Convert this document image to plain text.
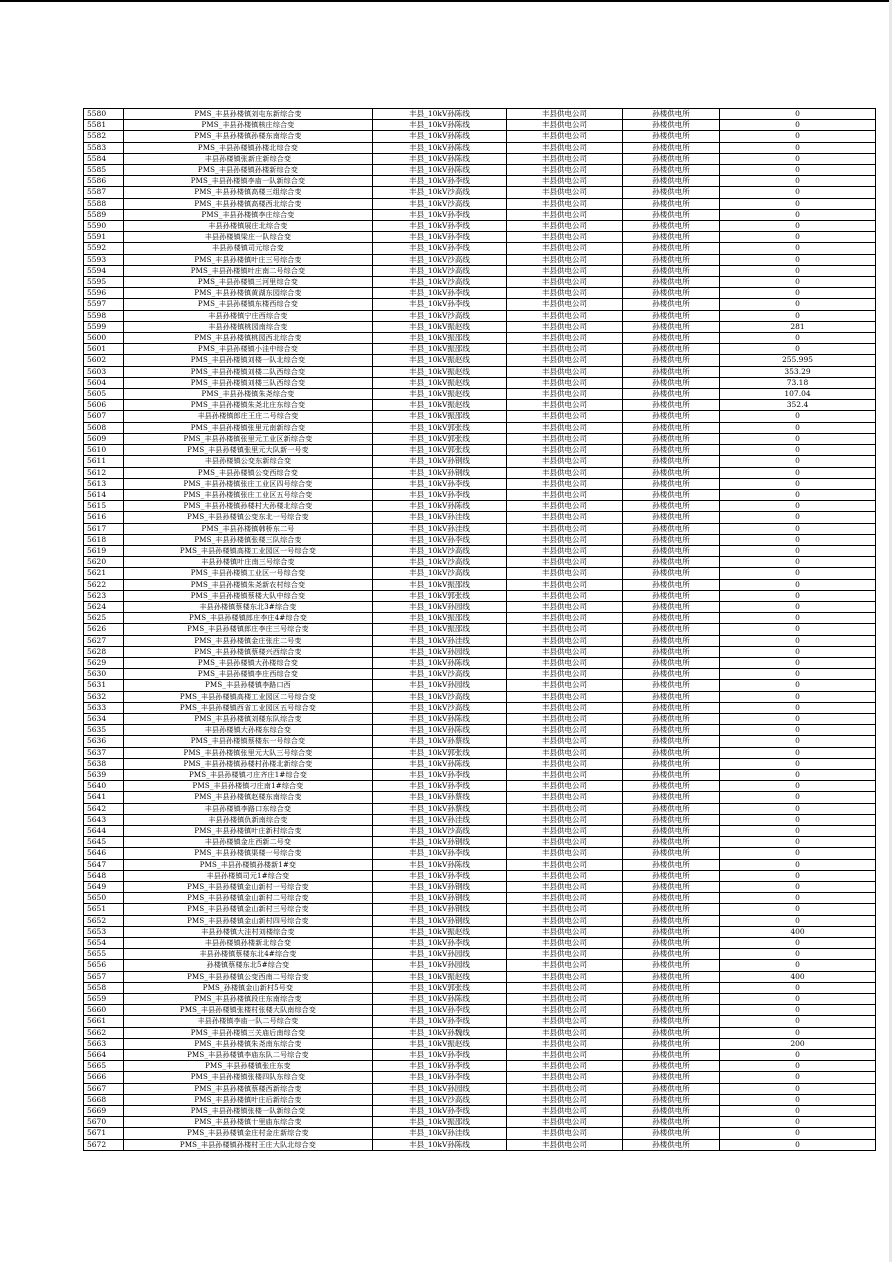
5580	PMS_丰县孙楼镇刘屯东新综合变	丰县_10kV孙陈线	丰县供电公司	孙楼供电所	0
5581	PMS_丰县孙楼镇核庄综合变	丰县_10kV孙陈线	丰县供电公司	孙楼供电所	0
5582	PMS_丰县孙楼镇孙楼东南综合变	丰县_10kV孙陈线	丰县供电公司	孙楼供电所	0
5583	PMS_丰县孙楼镇孙楼北综合变	丰县_10kV孙陈线	丰县供电公司	孙楼供电所	0
5584	丰县孙楼镇张新庄新综合变	丰县_10kV孙陈线	丰县供电公司	孙楼供电所	0
5585	PMS_丰县孙楼镇孙楼新综合变	丰县_10kV孙陈线	丰县供电公司	孙楼供电所	0
5586	PMS_丰县孙楼镇李庙一队新综合变	丰县_10kV孙李线	丰县供电公司	孙楼供电所	0
5587	PMS_丰县孙楼镇高楼三组综合变	丰县_10kV沙高线	丰县供电公司	孙楼供电所	0
5588	PMS_丰县孙楼镇高楼西北综合变	丰县_10kV沙高线	丰县供电公司	孙楼供电所	0
5589	PMS_丰县孙楼镇李庄综合变	丰县_10kV孙李线	丰县供电公司	孙楼供电所	0
5590	丰县孙楼镇展庄北综合变	丰县_10kV孙李线	丰县供电公司	孙楼供电所	0
5591	丰县孙楼镇梁庄一队综合变	丰县_10kV孙李线	丰县供电公司	孙楼供电所	0
5592	丰县孙楼镇司元综合变	丰县_10kV孙李线	丰县供电公司	孙楼供电所	0
5593	PMS_丰县孙楼镇叶庄三号综合变	丰县_10kV沙高线	丰县供电公司	孙楼供电所	0
5594	PMS_丰县孙楼镇叶庄南二号综合变	丰县_10kV沙高线	丰县供电公司	孙楼供电所	0
5595	PMS_丰县孙楼镇三河里综合变	丰县_10kV沙高线	丰县供电公司	孙楼供电所	0
5596	PMS_丰县孙楼镇黄湖东园综合变	丰县_10kV孙李线	丰县供电公司	孙楼供电所	0
5597	PMS_丰县孙楼镇东楼西综合变	丰县_10kV孙李线	丰县供电公司	孙楼供电所	0
5598	丰县孙楼镇宁庄西综合变	丰县_10kV沙高线	丰县供电公司	孙楼供电所	0
5599	丰县孙楼镇桃园南综合变	丰县_10kV振赵线	丰县供电公司	孙楼供电所	281
5600	PMS_丰县孙楼镇桃园西北综合变	丰县_10kV振邵线	丰县供电公司	孙楼供电所	0
5601	PMS_丰县孙楼镇小洼中综合变	丰县_10kV振邵线	丰县供电公司	孙楼供电所	0
5602	PMS_丰县孙楼镇刘楼一队北综合变	丰县_10kV振赵线	丰县供电公司	孙楼供电所	255.995
5603	PMS_丰县孙楼镇刘楼二队西综合变	丰县_10kV振赵线	丰县供电公司	孙楼供电所	353.29
5604	PMS_丰县孙楼镇刘楼三队西综合变	丰县_10kV振赵线	丰县供电公司	孙楼供电所	73.18
5605	PMS_丰县孙楼镇朱尧综合变	丰县_10kV振赵线	丰县供电公司	孙楼供电所	107.04
5606	PMS_丰县孙楼镇朱尧北庄东综合变	丰县_10kV振赵线	丰县供电公司	孙楼供电所	352.4
5607	丰县孙楼镇郎庄王庄二号综合变	丰县_10kV振邵线	丰县供电公司	孙楼供电所	0
5608	PMS_丰县孙楼镇张里元南新综合变	丰县_10kV郭张线	丰县供电公司	孙楼供电所	0
5609	PMS_丰县孙楼镇张里元工业区新综合变	丰县_10kV郭张线	丰县供电公司	孙楼供电所	0
5610	PMS_丰县孙楼镇张里元大队新一号变	丰县_10kV郭张线	丰县供电公司	孙楼供电所	0
5611	丰县孙楼镇公变东新综合变	丰县_10kV孙钢线	丰县供电公司	孙楼供电所	0
5612	PMS_丰县孙楼镇公变西综合变	丰县_10kV孙钢线	丰县供电公司	孙楼供电所	0
5613	PMS_丰县孙楼镇张庄工业区四号综合变	丰县_10kV孙李线	丰县供电公司	孙楼供电所	0
5614	PMS_丰县孙楼镇张庄工业区五号综合变	丰县_10kV孙李线	丰县供电公司	孙楼供电所	0
5615	PMS_丰县孙楼镇孙楼村大孙楼北综合变	丰县_10kV孙陈线	丰县供电公司	孙楼供电所	0
5616	PMS_丰县孙楼镇公变东北一号综合变	丰县_10kV孙洼线	丰县供电公司	孙楼供电所	0
5617	PMS_丰县孙楼镇韩桥东二号	丰县_10kV孙洼线	丰县供电公司	孙楼供电所	0
5618	PMS_丰县孙楼镇张楼三队综合变	丰县_10kV孙李线	丰县供电公司	孙楼供电所	0
5619	PMS_丰县孙楼镇高楼工业园区一号综合变	丰县_10kV沙高线	丰县供电公司	孙楼供电所	0
5620	丰县孙楼镇叶庄南三号综合变	丰县_10kV沙高线	丰县供电公司	孙楼供电所	0
5621	PMS_丰县孙楼镇工业区一号综合变	丰县_10kV沙高线	丰县供电公司	孙楼供电所	0
5622	PMS_丰县孙楼镇朱尧新农村综合变	丰县_10kV振邵线	丰县供电公司	孙楼供电所	0
5623	PMS_丰县孙楼镇蔡楼大队中综合变	丰县_10kV郭张线	丰县供电公司	孙楼供电所	0
5624	丰县孙楼镇蔡楼东北3#综合变	丰县_10kV孙园线	丰县供电公司	孙楼供电所	0
5625	PMS_丰县孙楼镇郎庄李庄4#综合变	丰县_10kV振邵线	丰县供电公司	孙楼供电所	0
5626	PMS_丰县孙楼镇郎庄李庄三号综合变	丰县_10kV振邵线	丰县供电公司	孙楼供电所	0
5627	PMS_丰县孙楼镇金庄张庄二号变	丰县_10kV孙洼线	丰县供电公司	孙楼供电所	0
5628	PMS_丰县孙楼镇蔡楼兴西综合变	丰县_10kV孙园线	丰县供电公司	孙楼供电所	0
5629	PMS_丰县孙楼镇大孙楼综合变	丰县_10kV孙陈线	丰县供电公司	孙楼供电所	0
5630	PMS_丰县孙楼镇李庄西综合变	丰县_10kV沙高线	丰县供电公司	孙楼供电所	0
5631	PMS_丰县孙楼镇李路口西	丰县_10kV孙园线	丰县供电公司	孙楼供电所	0
5632	PMS_丰县孙楼镇高楼工业园区二号综合变	丰县_10kV沙高线	丰县供电公司	孙楼供电所	0
5633	PMS_丰县孙楼镇西省工业园区五号综合变	丰县_10kV沙高线	丰县供电公司	孙楼供电所	0
5634	PMS_丰县孙楼镇刘楼东队综合变	丰县_10kV孙陈线	丰县供电公司	孙楼供电所	0
5635	丰县孙楼镇大孙楼东综合变	丰县_10kV孙陈线	丰县供电公司	孙楼供电所	0
5636	PMS_丰县孙楼镇蔡楼东一号综合变	丰县_10kV孙蔡线	丰县供电公司	孙楼供电所	0
5637	PMS_丰县孙楼镇张里元大队三号综合变	丰县_10kV郭张线	丰县供电公司	孙楼供电所	0
5638	PMS_丰县孙楼镇孙楼村孙楼北新综合变	丰县_10kV孙陈线	丰县供电公司	孙楼供电所	0
5639	PMS_丰县孙楼镇刁庄齐庄1#综合变	丰县_10kV孙李线	丰县供电公司	孙楼供电所	0
5640	PMS_丰县孙楼镇刁庄南1#综合变	丰县_10kV孙李线	丰县供电公司	孙楼供电所	0
5641	PMS_丰县孙楼镇赵楼东南综合变	丰县_10kV孙蔡线	丰县供电公司	孙楼供电所	0
5642	丰县孙楼镇李路口东综合变	丰县_10kV孙蔡线	丰县供电公司	孙楼供电所	0
5643	丰县孙楼镇仇新南综合变	丰县_10kV孙洼线	丰县供电公司	孙楼供电所	0
5644	PMS_丰县孙楼镇叶庄新村综合变	丰县_10kV沙高线	丰县供电公司	孙楼供电所	0
5645	丰县孙楼镇金庄西新二号变	丰县_10kV孙钢线	丰县供电公司	孙楼供电所	0
5646	PMS_丰县孙楼镇渠楼一号综合变	丰县_10kV孙李线	丰县供电公司	孙楼供电所	0
5647	PMS_丰县孙楼镇孙楼新1#变	丰县_10kV孙陈线	丰县供电公司	孙楼供电所	0
5648	丰县孙楼镇司元1#综合变	丰县_10kV孙李线	丰县供电公司	孙楼供电所	0
5649	PMS_丰县孙楼镇金山新村一号综合变	丰县_10kV孙钢线	丰县供电公司	孙楼供电所	0
5650	PMS_丰县孙楼镇金山新村二号综合变	丰县_10kV孙钢线	丰县供电公司	孙楼供电所	0
5651	PMS_丰县孙楼镇金山新村三号综合变	丰县_10kV孙钢线	丰县供电公司	孙楼供电所	0
5652	PMS_丰县孙楼镇金山新村四号综合变	丰县_10kV孙钢线	丰县供电公司	孙楼供电所	0
5653	丰县孙楼镇大洼村刘楼综合变	丰县_10kV振赵线	丰县供电公司	孙楼供电所	400
5654	丰县孙楼镇孙楼新北综合变	丰县_10kV孙李线	丰县供电公司	孙楼供电所	0
5655	丰县孙楼镇蔡楼东北4#综合变	丰县_10kV孙园线	丰县供电公司	孙楼供电所	0
5656	孙楼镇蔡楼东北5#综合变	丰县_10kV孙园线	丰县供电公司	孙楼供电所	0
5657	PMS_丰县孙楼镇公变西南二号综合变	丰县_10kV振赵线	丰县供电公司	孙楼供电所	400
5658	PMS_孙楼镇金山新村5号变	丰县_10kV郭张线	丰县供电公司	孙楼供电所	0
5659	PMS_丰县孙楼镇段庄东南综合变	丰县_10kV孙陈线	丰县供电公司	孙楼供电所	0
5660	PMS_丰县孙楼镇张楼村张楼大队南综合变	丰县_10kV孙李线	丰县供电公司	孙楼供电所	0
5661	丰县孙楼镇李庙一队二号综合变	丰县_10kV孙李线	丰县供电公司	孙楼供电所	0
5662	PMS_丰县孙楼镇三关庙后南综合变	丰县_10kV孙魏线	丰县供电公司	孙楼供电所	0
5663	PMS_丰县孙楼镇朱尧南东综合变	丰县_10kV振赵线	丰县供电公司	孙楼供电所	200
5664	PMS_丰县孙楼镇李庙东队二号综合变	丰县_10kV孙李线	丰县供电公司	孙楼供电所	0
5665	PMS_丰县孙楼镇张庄东变	丰县_10kV孙李线	丰县供电公司	孙楼供电所	0
5666	PMS_丰县孙楼镇张楼四队东综合变	丰县_10kV孙李线	丰县供电公司	孙楼供电所	0
5667	PMS_丰县孙楼镇蔡楼西新综合变	丰县_10kV孙园线	丰县供电公司	孙楼供电所	0
5668	PMS_丰县孙楼镇叶庄后新综合变	丰县_10kV沙高线	丰县供电公司	孙楼供电所	0
5669	PMS_丰县孙楼镇张楼一队新综合变	丰县_10kV孙李线	丰县供电公司	孙楼供电所	0
5670	PMS_丰县孙楼镇十里庙东综合变	丰县_10kV振邵线	丰县供电公司	孙楼供电所	0
5671	PMS_丰县孙楼镇金庄村金庄新综合变	丰县_10kV孙洼线	丰县供电公司	孙楼供电所	0
5672	PMS_丰县孙楼镇孙楼村王庄大队北综合变	丰县_10kV孙陈线	丰县供电公司	孙楼供电所	0
